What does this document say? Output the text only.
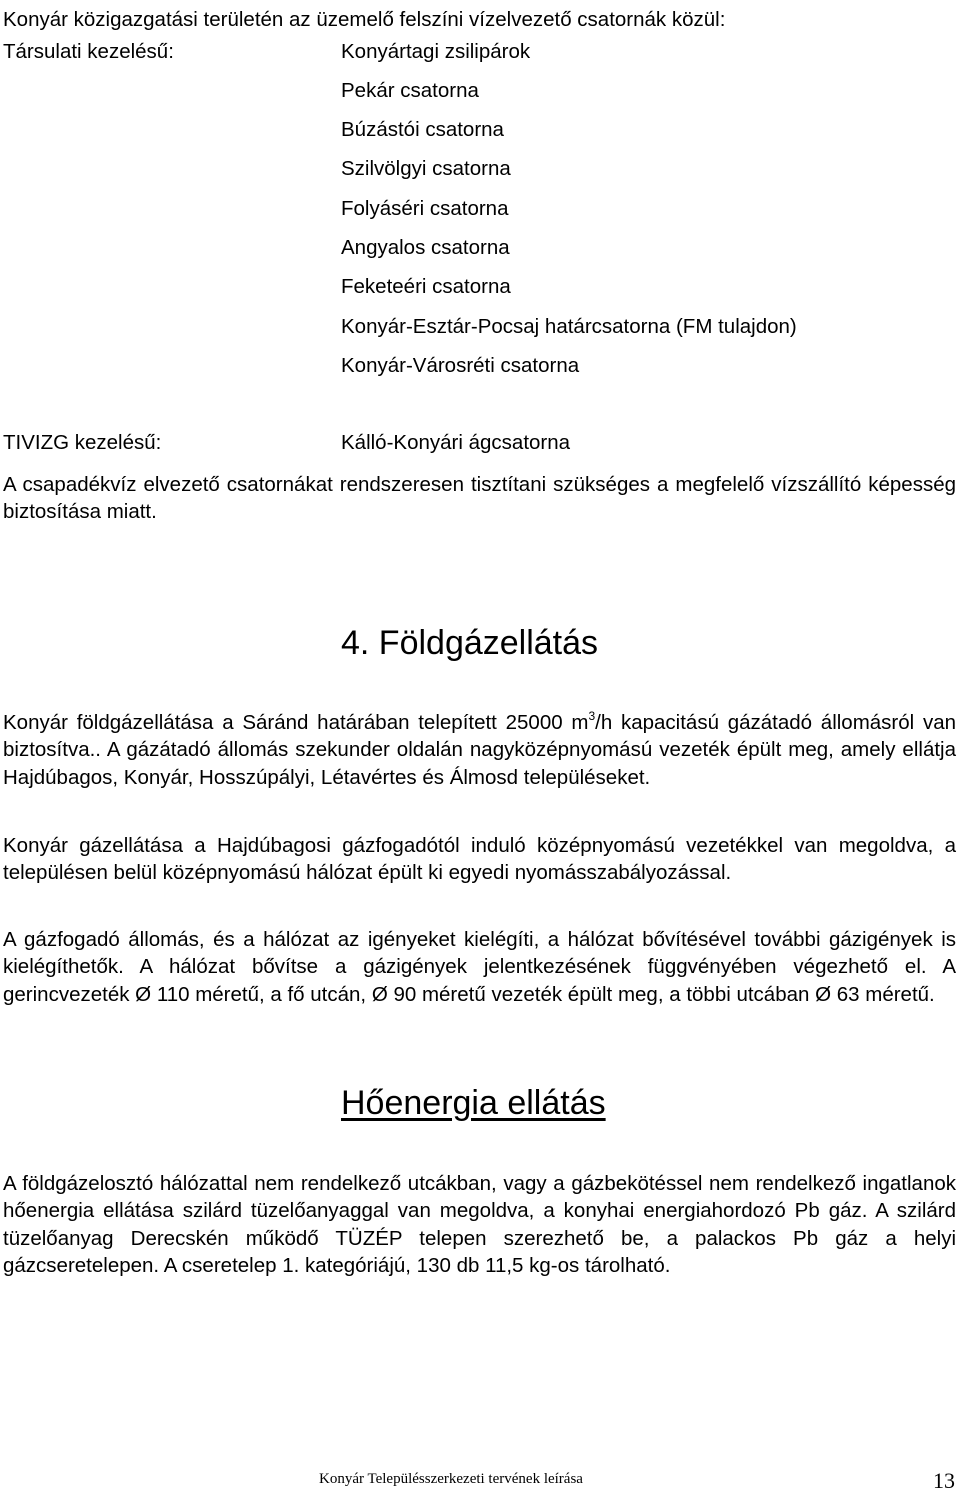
Konyár közigazgatási területén az üzemelő felszíni vízelvezető csatornák közül:
Társulati kezelésű:	Konyártagi zsilipárok
Pekár csatorna
Búzástói csatorna
Szilvölgyi csatorna
Folyáséri csatorna
Angyalos csatorna
Feketeéri csatorna
Konyár-Esztár-Pocsaj határcsatorna (FM tulajdon)
Konyár-Városréti csatorna
TIVIZG kezelésű:	Kálló-Konyári ágcsatorna
A csapadékvíz elvezető csatornákat rendszeresen tisztítani szükséges a megfelelő vízszállító képesség biztosítása miatt.
4. Földgázellátás
Konyár földgázellátása a Sáránd határában telepített 25000 $m^3/h$ kapacitású gázátadó állomásról van biztosítva.. A gázátadó állomás szekunder oldalán nagyközépnyomású vezeték épült meg, amely ellátja Hajdúbagos, Konyár, Hosszúpályi, Létavértes és Álmosd településeket.
Konyár gázellátása a Hajdúbagosi gázfogadótól induló középnyomású vezetékkel van megoldva, a településen belül középnyomású hálózat épült ki egyedi nyomásszabályozással.
A gázfogadó állomás, és a hálózat az igényeket kielégíti, a hálózat bővítésével további gázigények is kielégíthetők. A hálózat bővítse a gázigények jelentkezésének függvényében végezhető el. A gerincvezeték Ø 110 méretű, a fő utcán, Ø 90 méretű vezeték épült meg, a többi utcában Ø 63 méretű.
Hőenergia ellátás
A földgázelosztó hálózattal nem rendelkező utcákban, vagy a gázbekötéssel nem rendelkező ingatlanok hőenergia ellátása szilárd tüzelőanyaggal van megoldva, a konyhai energiahordozó Pb gáz. A szilárd tüzelőanyag Derecskén működő TÜZÉP telepen szerezhető be, a palackos Pb gáz a helyi gázcseretelepen. A cseretelep 1. kategóriájú, 130 db 11,5 kg-os tárolható.
Konyár Településszerkezeti tervének leírása	13
